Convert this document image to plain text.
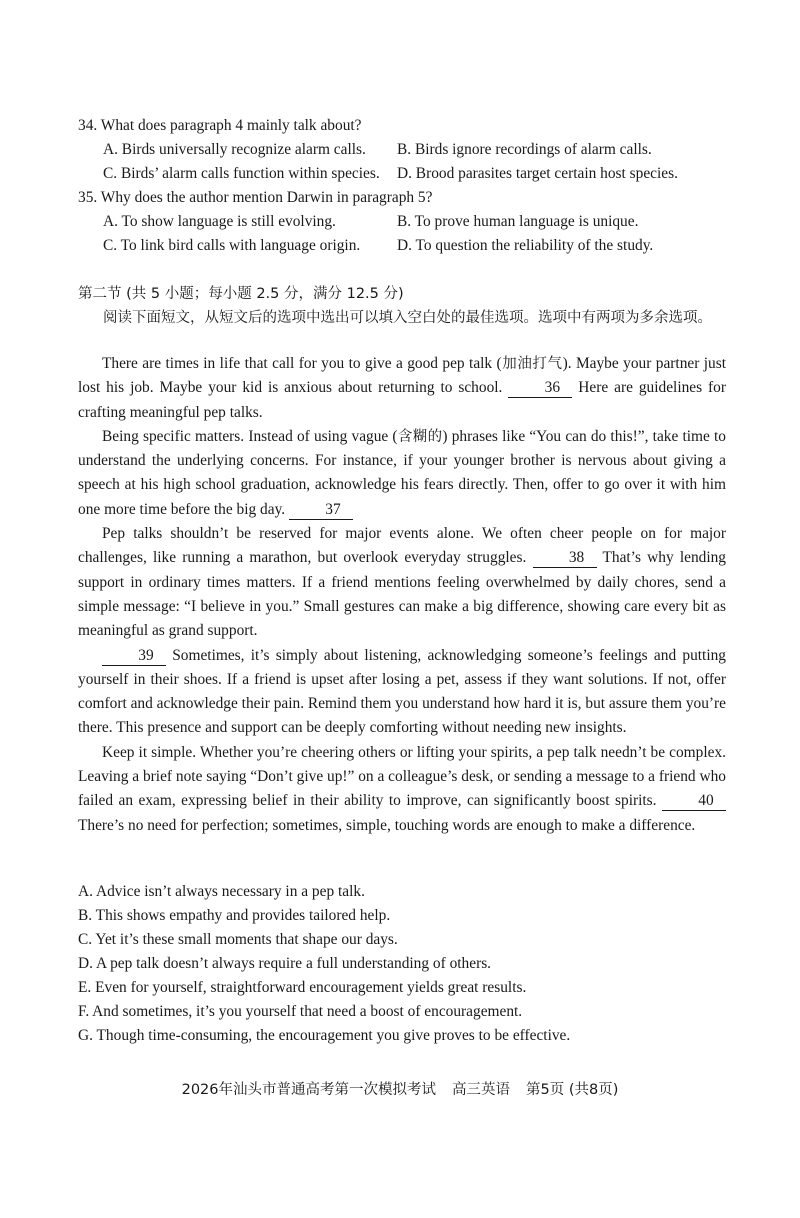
34. What does paragraph 4 mainly talk about?
A. Birds universally recognize alarm calls. B. Birds ignore recordings of alarm calls.
C. Birds’ alarm calls function within species. D. Brood parasites target certain host species.
35. Why does the author mention Darwin in paragraph 5?
A. To show language is still evolving.	B. To prove human language is unique.
C. To link bird calls with language origin. D. To question the reliability of the study.
第二节 (共 5 小题；每小题 2.5 分，满分 12.5 分)
阅读下面短文，从短文后的选项中选出可以填入空白处的最佳选项。选项中有两项为多余选项。

There are times in life that call for you to give a good pep talk (加油打气). Maybe your partner just lost his job. Maybe your kid is anxious about returning to school. 36 Here are guidelines for crafting meaningful pep talks.

Being specific matters. Instead of using vague (含糊的) phrases like “You can do this!”, take time to understand the underlying concerns. For instance, if your younger brother is nervous about giving a speech at his high school graduation, acknowledge his fears directly. Then, offer to go over it with him one more time before the big day. 37

Pep talks shouldn’t be reserved for major events alone. We often cheer people on for major challenges, like running a marathon, but overlook everyday struggles. 38 That’s why lending support in ordinary times matters. If a friend mentions feeling overwhelmed by daily chores, send a simple message: “I believe in you.” Small gestures can make a big difference, showing care every bit as meaningful as grand support.

39 Sometimes, it’s simply about listening, acknowledging someone’s feelings and putting yourself in their shoes. If a friend is upset after losing a pet, assess if they want solutions. If not, offer comfort and acknowledge their pain. Remind them you understand how hard it is, but assure them you’re there. This presence and support can be deeply comforting without needing new insights.

Keep it simple. Whether you’re cheering others or lifting your spirits, a pep talk needn’t be complex. Leaving a brief note saying “Don’t give up!” on a colleague’s desk, or sending a message to a friend who failed an exam, expressing belief in their ability to improve, can significantly boost spirits. 40 There’s no need for perfection; sometimes, simple, touching words are enough to make a difference.

A. Advice isn’t always necessary in a pep talk.
B. This shows empathy and provides tailored help.
C. Yet it’s these small moments that shape our days.
D. A pep talk doesn’t always require a full understanding of others.
E. Even for yourself, straightforward encouragement yields great results.
F. And sometimes, it’s you yourself that need a boost of encouragement.
G. Though time-consuming, the encouragement you give proves to be effective.
2026年汕头市普通高考第一次模拟考试 高三英语 第5页 (共8页)
